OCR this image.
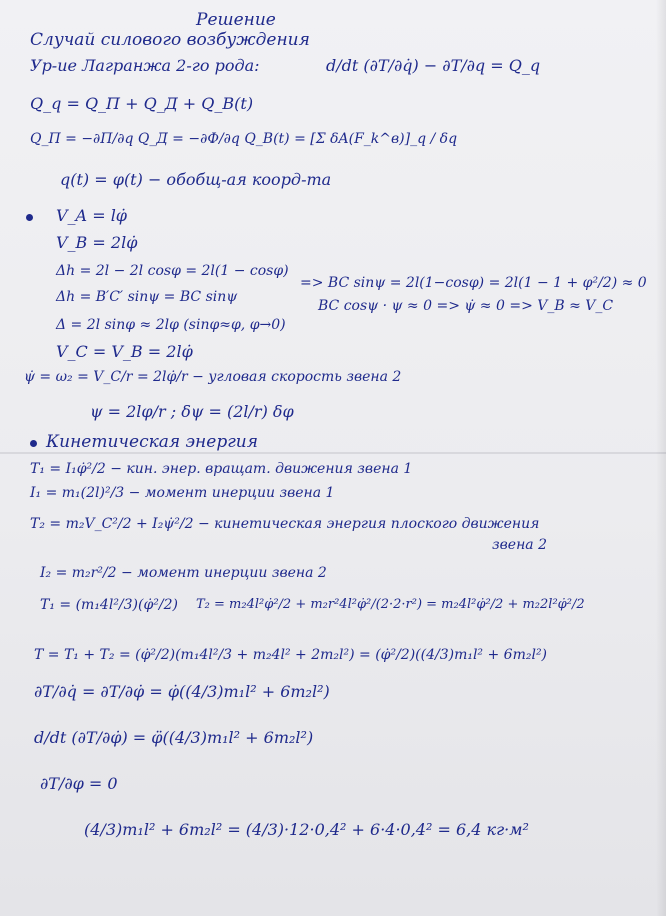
Решение
Случай силового возбуждения
Ур-ие Лагранжа 2-го рода:	d/dt (∂T/∂q̇) − ∂T/∂q = Q_q
Q_q = Q_П + Q_Д + Q_В(t)
Q_П = −∂П/∂q Q_Д = −∂Ф/∂q Q_В(t) = [Σ δA(F_k^в)]_q / δq
q(t) = φ(t) − обобщ-ая коорд-та
V_A = lφ̇
V_B = 2lφ̇
Δh = 2l − 2l cosφ = 2l(1 − cosφ)
Δh = B′C′ sinψ = BC sinψ
=> BC sinψ = 2l(1−cosφ) = 2l(1 − 1 + φ²/2) ≈ 0
BC cosψ · ψ ≈ 0 => ψ̇ ≈ 0 => V_B ≈ V_C
Δ = 2l sinφ ≈ 2lφ (sinφ≈φ, φ→0)
V_C = V_B = 2lφ̇
ψ̇ = ω₂ = V_C/r = 2lφ̇/r − угловая скорость звена 2
ψ = 2lφ/r ; δψ = (2l/r) δφ
Кинетическая энергия
T₁ = I₁φ̇²/2 − кин. энер. вращат. движения звена 1
I₁ = m₁(2l)²/3 − момент инерции звена 1
T₂ = m₂V_C²/2 + I₂ψ̇²/2 − кинетическая энергия плоского движения
звена 2
I₂ = m₂r²/2 − момент инерции звена 2
T₁ = (m₁4l²/3)(φ̇²/2) T₂ = m₂4l²φ̇²/2 + m₂r²4l²φ̇²/(2·2·r²) = m₂4l²φ̇²/2 + m₂2l²φ̇²/2
T = T₁ + T₂ = (φ̇²/2)(m₁4l²/3 + m₂4l² + 2m₂l²) = (φ̇²/2)((4/3)m₁l² + 6m₂l²)
∂T/∂q̇ = ∂T/∂φ̇ = φ̇((4/3)m₁l² + 6m₂l²)
d/dt (∂T/∂φ̇) = φ̈((4/3)m₁l² + 6m₂l²)
∂T/∂φ = 0
(4/3)m₁l² + 6m₂l² = (4/3)·12·0,4² + 6·4·0,4² = 6,4 кг·м²
